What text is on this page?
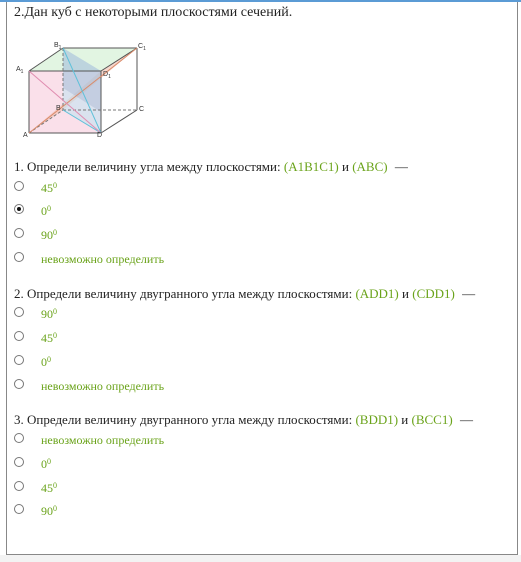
2.Дан куб с некоторыми плоскостями сечений.
$A_1$
$B_1$	$C_1$
$D_1$
B	C
A	D
1. Определи величину угла между плоскостями: (A1B1C1) и (ABC) —
$45^0$
$0^0$
$90^0$
невозможно определить
2. Определи величину двугранного угла между плоскостями: (ADD1) и (CDD1) —
$90^0$
$45^0$
$0^0$
невозможно определить
3. Определи величину двугранного угла между плоскостями: (BDD1) и (BCC1) —
невозможно определить
$0^0$
$45^0$
$90^0$
